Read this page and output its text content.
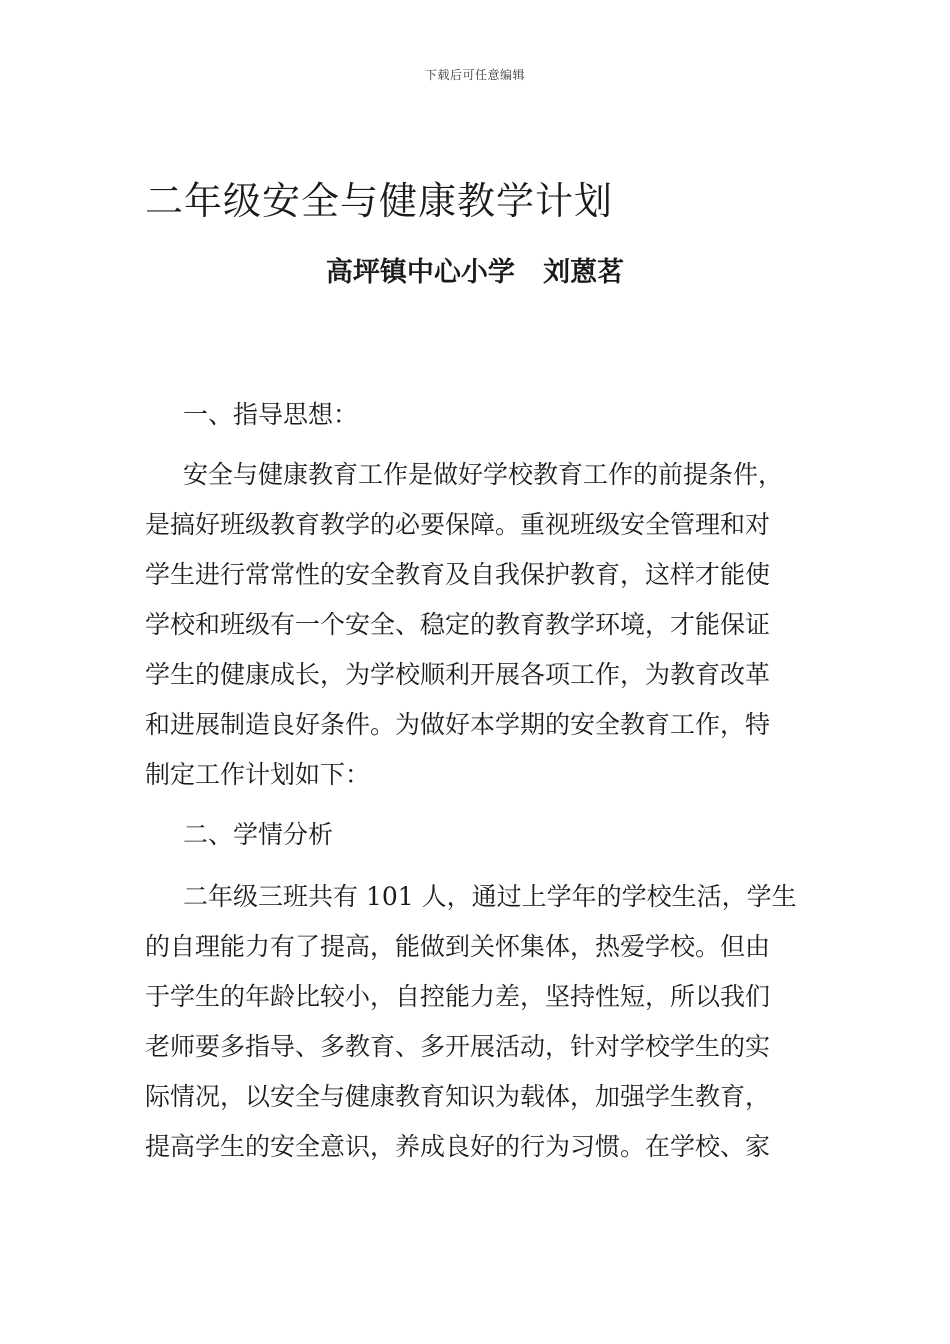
下载后可任意编辑
二年级安全与健康教学计划

高坪镇中心小学   刘蒽茗

一、指导思想：

安全与健康教育工作是做好学校教育工作的前提条件，
是搞好班级教育教学的必要保障。重视班级安全管理和对
学生进行常常性的安全教育及自我保护教育，这样才能使
学校和班级有一个安全、稳定的教育教学环境，才能保证
学生的健康成长，为学校顺利开展各项工作，为教育改革
和进展制造良好条件。为做好本学期的安全教育工作，特
制定工作计划如下：

二、学情分析

二年级三班共有 101 人，通过上学年的学校生活，学生
的自理能力有了提高，能做到关怀集体，热爱学校。但由
于学生的年龄比较小，自控能力差，坚持性短，所以我们
老师要多指导、多教育、多开展活动，针对学校学生的实
际情况，以安全与健康教育知识为载体，加强学生教育，
提高学生的安全意识，养成良好的行为习惯。在学校、家
